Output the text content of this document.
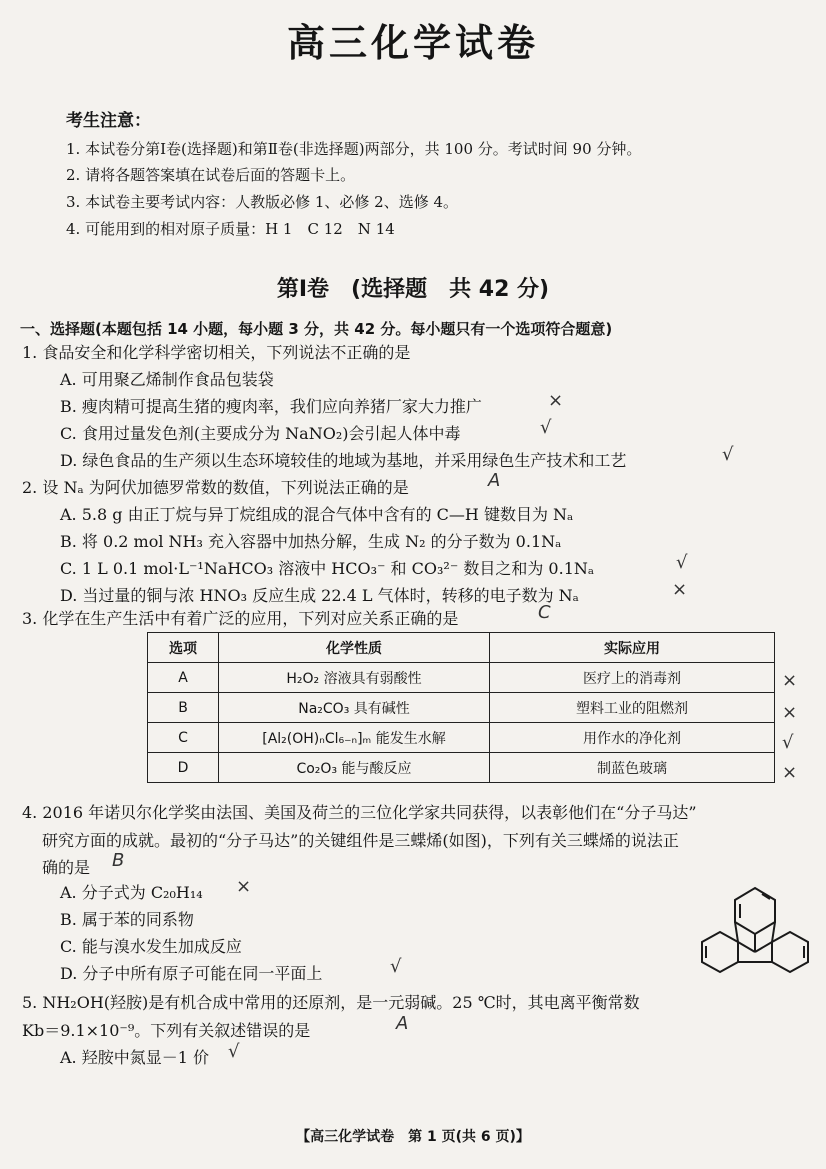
高三化学试卷
考生注意：
1. 本试卷分第Ⅰ卷(选择题)和第Ⅱ卷(非选择题)两部分，共 100 分。考试时间 90 分钟。
2. 请将各题答案填在试卷后面的答题卡上。
3. 本试卷主要考试内容：人教版必修 1、必修 2、选修 4。
4. 可能用到的相对原子质量：H 1　C 12　N 14
第Ⅰ卷　(选择题　共 42 分)
一、选择题(本题包括 14 小题，每小题 3 分，共 42 分。每小题只有一个选项符合题意)
1. 食品安全和化学科学密切相关，下列说法不正确的是
A. 可用聚乙烯制作食品包装袋
B. 瘦肉精可提高生猪的瘦肉率，我们应向养猪厂家大力推广	×
C. 食用过量发色剂(主要成分为 NaNO₂)会引起人体中毒	√
D. 绿色食品的生产须以生态环境较佳的地域为基地，并采用绿色生产技术和工艺	√
2. 设 Nₐ 为阿伏加德罗常数的数值，下列说法正确的是	A
A. 5.8 g 由正丁烷与异丁烷组成的混合气体中含有的 C—H 键数目为 Nₐ
B. 将 0.2 mol NH₃ 充入容器中加热分解，生成 N₂ 的分子数为 0.1Nₐ
C. 1 L 0.1 mol·L⁻¹NaHCO₃ 溶液中 HCO₃⁻ 和 CO₃²⁻ 数目之和为 0.1Nₐ	√
D. 当过量的铜与浓 HNO₃ 反应生成 22.4 L 气体时，转移的电子数为 Nₐ	×
3. 化学在生产生活中有着广泛的应用，下列对应关系正确的是	C
选项	化学性质	实际应用
A	H₂O₂ 溶液具有弱酸性	医疗上的消毒剂
B	Na₂CO₃ 具有碱性	塑料工业的阻燃剂
C	[Al₂(OH)ₙCl₆₋ₙ]ₘ 能发生水解	用作水的净化剂
D	Co₂O₃ 能与酸反应	制蓝色玻璃
×
×
√
×
4. 2016 年诺贝尔化学奖由法国、美国及荷兰的三位化学家共同获得，以表彰他们在“分子马达”
研究方面的成就。最初的“分子马达”的关键组件是三蝶烯(如图)，下列有关三蝶烯的说法正
确的是 B
A. 分子式为 C₂₀H₁₄ ×
B. 属于苯的同系物
C. 能与溴水发生加成反应
D. 分子中所有原子可能在同一平面上	√
5. NH₂OH(羟胺)是有机合成中常用的还原剂，是一元弱碱。25 ℃时，其电离平衡常数
Kb＝9.1×10⁻⁹。下列有关叙述错误的是	A
A. 羟胺中氮显－1 价 √
【高三化学试卷　第 1 页(共 6 页)】
